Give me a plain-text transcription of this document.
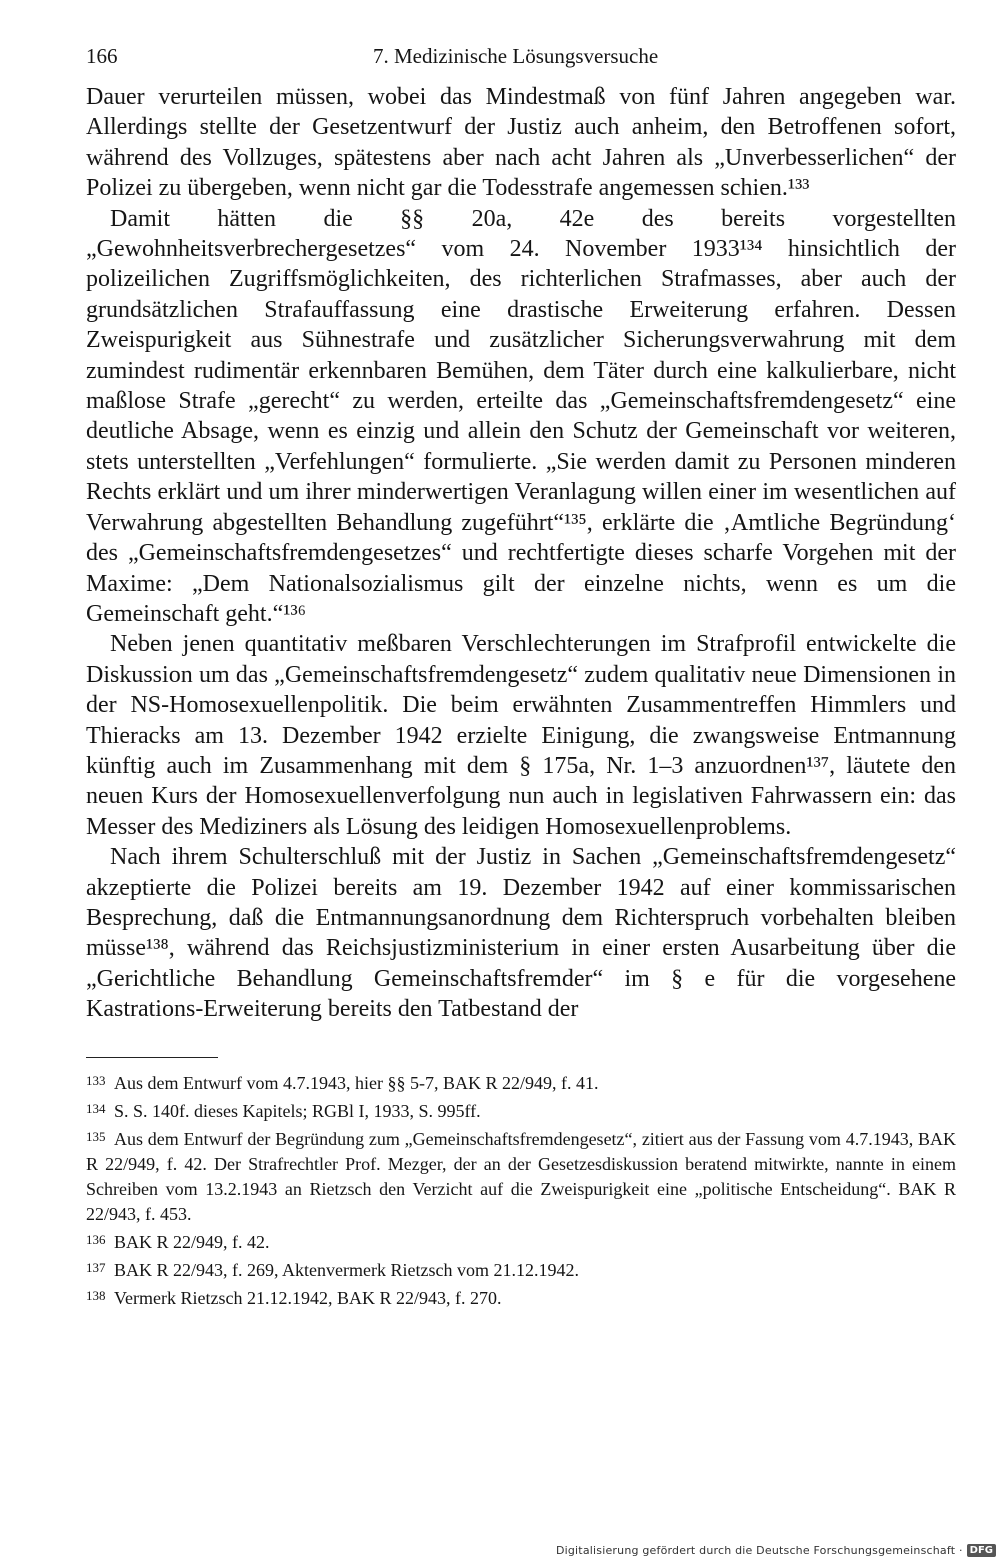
166	7. Medizinische Lösungsversuche

Dauer verurteilen müssen, wobei das Mindestmaß von fünf Jahren angegeben war. Allerdings stellte der Gesetzentwurf der Justiz auch anheim, den Betroffenen sofort, während des Vollzuges, spätestens aber nach acht Jahren als „Unverbesserlichen“ der Polizei zu übergeben, wenn nicht gar die Todesstrafe angemessen schien.¹³³

Damit hätten die §§ 20a, 42e des bereits vorgestellten „Gewohnheitsverbrechergesetzes“ vom 24. November 1933¹³⁴ hinsichtlich der polizeilichen Zugriffsmöglichkeiten, des richterlichen Strafmasses, aber auch der grundsätzlichen Strafauffassung eine drastische Erweiterung erfahren. Dessen Zweispurigkeit aus Sühnestrafe und zusätzlicher Sicherungsverwahrung mit dem zumindest rudimentär erkennbaren Bemühen, dem Täter durch eine kalkulierbare, nicht maßlose Strafe „gerecht“ zu werden, erteilte das „Gemeinschaftsfremdengesetz“ eine deutliche Absage, wenn es einzig und allein den Schutz der Gemeinschaft vor weiteren, stets unterstellten „Verfehlungen“ formulierte. „Sie werden damit zu Personen minderen Rechts erklärt und um ihrer minderwertigen Veranlagung willen einer im wesentlichen auf Verwahrung abgestellten Behandlung zugeführt“¹³⁵, erklärte die ‚Amtliche Begründung‘ des „Gemeinschaftsfremdengesetzes“ und rechtfertigte dieses scharfe Vorgehen mit der Maxime: „Dem Nationalsozialismus gilt der einzelne nichts, wenn es um die Gemeinschaft geht.“¹³⁶

Neben jenen quantitativ meßbaren Verschlechterungen im Strafprofil entwickelte die Diskussion um das „Gemeinschaftsfremdengesetz“ zudem qualitativ neue Dimensionen in der NS-Homosexuellenpolitik. Die beim erwähnten Zusammentreffen Himmlers und Thieracks am 13. Dezember 1942 erzielte Einigung, die zwangsweise Entmannung künftig auch im Zusammenhang mit dem § 175a, Nr. 1–3 anzuordnen¹³⁷, läutete den neuen Kurs der Homosexuellenverfolgung nun auch in legislativen Fahrwassern ein: das Messer des Mediziners als Lösung des leidigen Homosexuellenproblems.

Nach ihrem Schulterschluß mit der Justiz in Sachen „Gemeinschaftsfremdengesetz“ akzeptierte die Polizei bereits am 19. Dezember 1942 auf einer kommissarischen Besprechung, daß die Entmannungsanordnung dem Richterspruch vorbehalten bleiben müsse¹³⁸, während das Reichsjustizministerium in einer ersten Ausarbeitung über die „Gerichtliche Behandlung Gemeinschaftsfremder“ im § e für die vorgesehene Kastrations-Erweiterung bereits den Tatbestand der

133 Aus dem Entwurf vom 4.7.1943, hier §§ 5-7, BAK R 22/949, f. 41.

134 S. S. 140f. dieses Kapitels; RGBl I, 1933, S. 995ff.

135 Aus dem Entwurf der Begründung zum „Gemeinschaftsfremdengesetz“, zitiert aus der Fassung vom 4.7.1943, BAK R 22/949, f. 42. Der Strafrechtler Prof. Mezger, der an der Gesetzesdiskussion beratend mitwirkte, nannte in einem Schreiben vom 13.2.1943 an Rietzsch den Verzicht auf die Zweispurigkeit eine „politische Entscheidung“. BAK R 22/943, f. 453.

136 BAK R 22/949, f. 42.

137 BAK R 22/943, f. 269, Aktenvermerk Rietzsch vom 21.12.1942.

138 Vermerk Rietzsch 21.12.1942, BAK R 22/943, f. 270.

Digitalisierung gefördert durch die Deutsche Forschungsgemeinschaft · DFG
